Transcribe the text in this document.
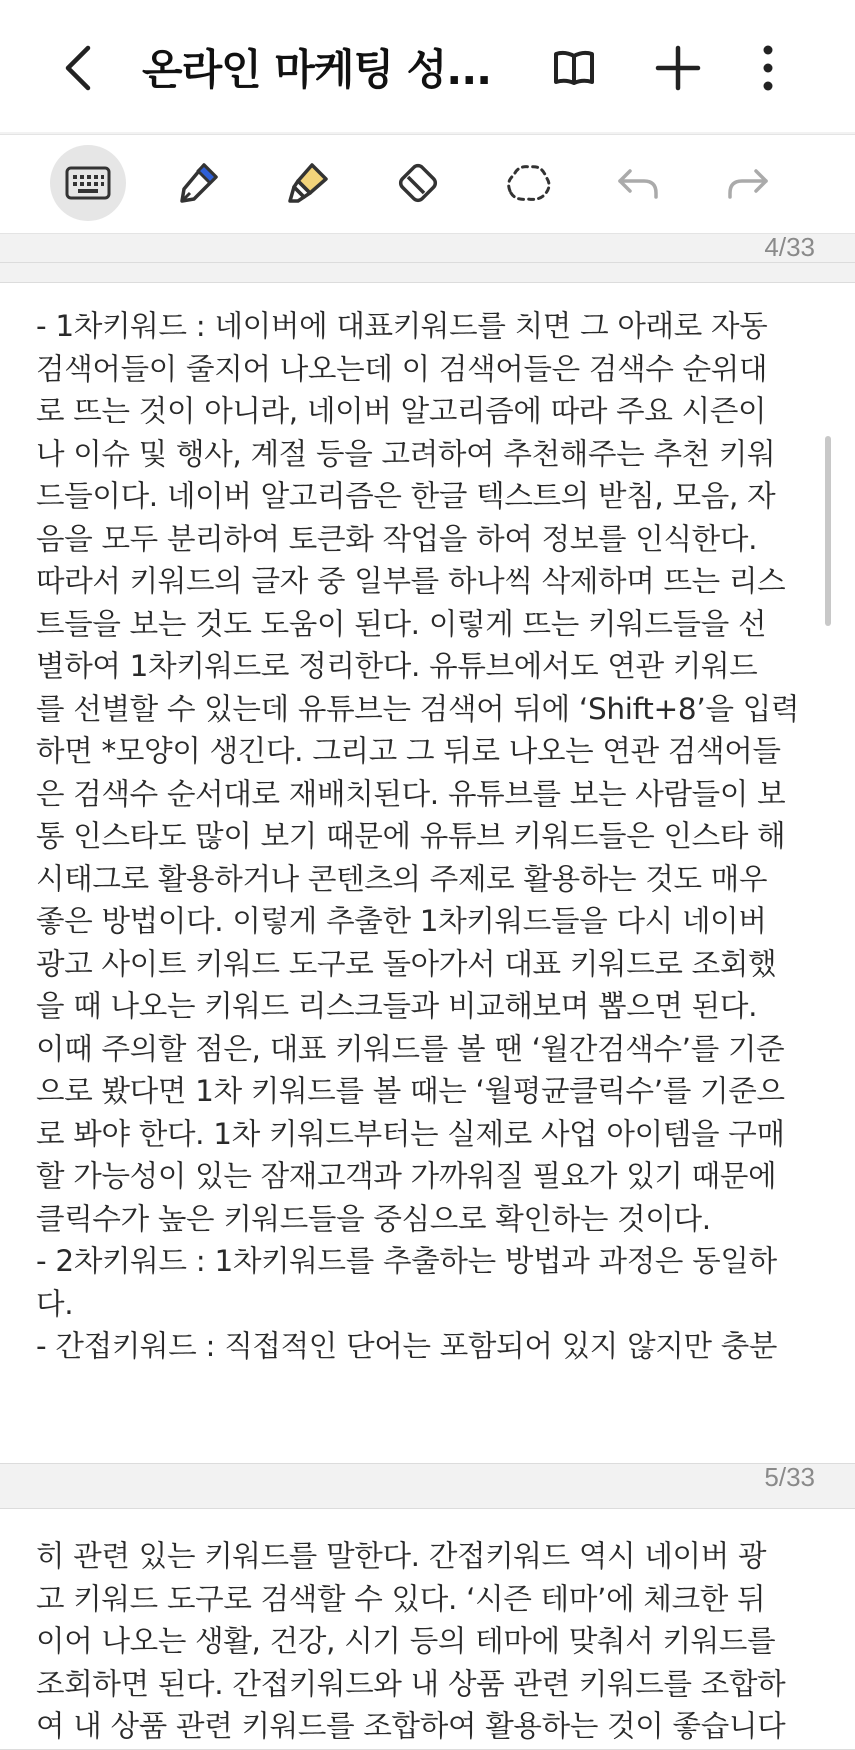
온라인 마케팅 성...
4/33

- 1차키워드 : 네이버에 대표키워드를 치면 그 아래로 자동

검색어들이 줄지어 나오는데 이 검색어들은 검색수 순위대

로 뜨는 것이 아니라, 네이버 알고리즘에 따라 주요 시즌이

나 이슈 및 행사, 계절 등을 고려하여 추천해주는 추천 키워

드들이다. 네이버 알고리즘은 한글 텍스트의 받침, 모음, 자

음을 모두 분리하여 토큰화 작업을 하여 정보를 인식한다.

따라서 키워드의 글자 중 일부를 하나씩 삭제하며 뜨는 리스

트들을 보는 것도 도움이 된다. 이렇게 뜨는 키워드들을 선

별하여 1차키워드로 정리한다. 유튜브에서도 연관 키워드

를 선별할 수 있는데 유튜브는 검색어 뒤에 ‘Shift+8’을 입력

하면 *모양이 생긴다. 그리고 그 뒤로 나오는 연관 검색어들

은 검색수 순서대로 재배치된다. 유튜브를 보는 사람들이 보

통 인스타도 많이 보기 때문에 유튜브 키워드들은 인스타 해

시태그로 활용하거나 콘텐츠의 주제로 활용하는 것도 매우

좋은 방법이다. 이렇게 추출한 1차키워드들을 다시 네이버

광고 사이트 키워드 도구로 돌아가서 대표 키워드로 조회했

을 때 나오는 키워드 리스크들과 비교해보며 뽑으면 된다.

이때 주의할 점은, 대표 키워드를 볼 땐 ‘월간검색수’를 기준

으로 봤다면 1차 키워드를 볼 때는 ‘월평균클릭수’를 기준으

로 봐야 한다. 1차 키워드부터는 실제로 사업 아이템을 구매

할 가능성이 있는 잠재고객과 가까워질 필요가 있기 때문에

클릭수가 높은 키워드들을 중심으로 확인하는 것이다.

- 2차키워드 : 1차키워드를 추출하는 방법과 과정은 동일하

다.

- 간접키워드 : 직접적인 단어는 포함되어 있지 않지만 충분

5/33

히 관련 있는 키워드를 말한다. 간접키워드 역시 네이버 광

고 키워드 도구로 검색할 수 있다. ‘시즌 테마’에 체크한 뒤

이어 나오는 생활, 건강, 시기 등의 테마에 맞춰서 키워드를

조회하면 된다. 간접키워드와 내 상품 관련 키워드를 조합하

여 내 상품 관련 키워드를 조합하여 활용하는 것이 좋습니다
